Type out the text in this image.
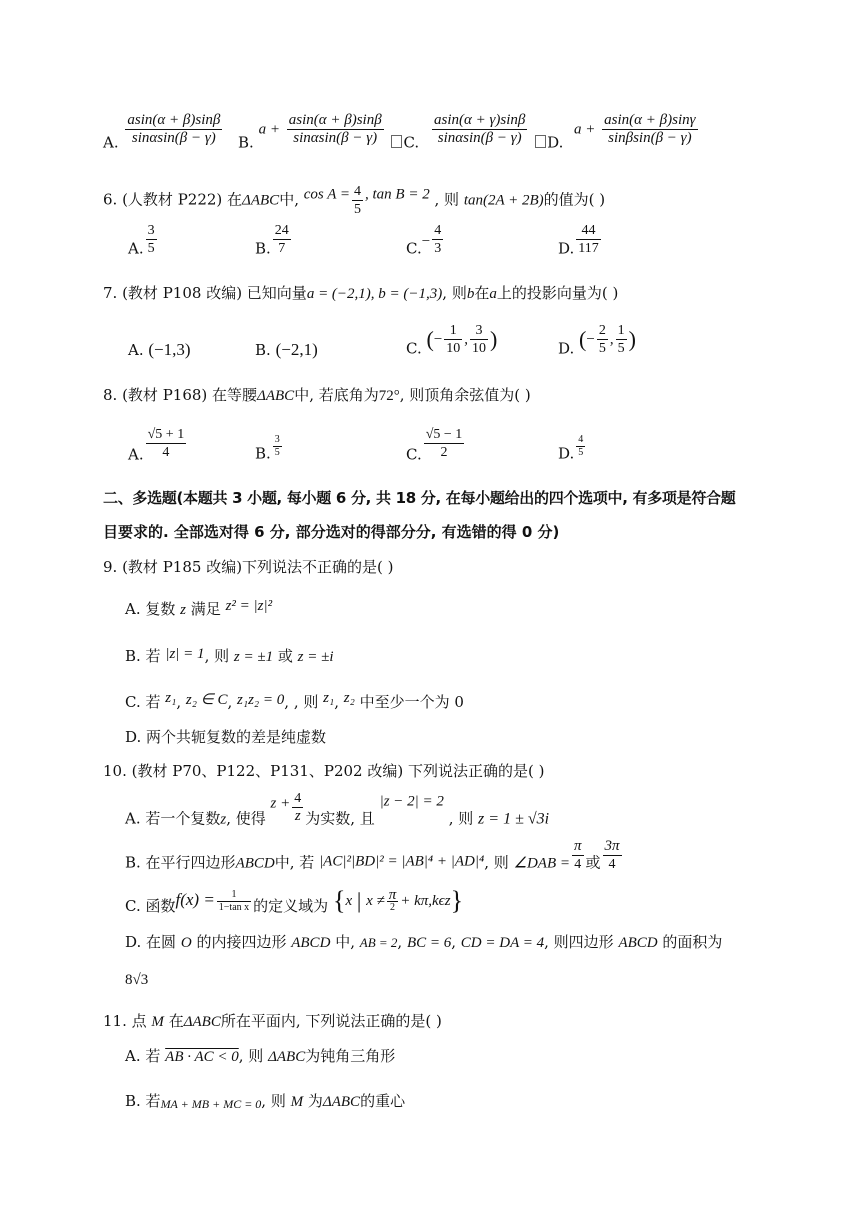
A. $\frac{asin(\alpha + \beta)\sin\beta}{\sin\alpha\sin(\beta - \gamma)} B$. $a + \frac{asin(\alpha + \beta)\sin\beta}{\sin\alpha\sin(\beta - \gamma)} C$. $\frac{asin(\alpha + \gamma)\sin\beta}{\sin\alpha\sin(\beta - \gamma)} D$.
$a + \frac{asin(\alpha + \beta)\sin\gamma}{\sin\beta\sin(\beta - \gamma)}$
6. (人教材 P222) 在ΔABC中, $\cos A = \frac{4}{5}$ , tan B = 2 , 则 tan(2A + 2B)的值为( )
A. $\frac{3}{5}$	B. $\frac{24}{7}$	$C.- \frac{4}{3}$	D. $\frac{44}{117}$
7. (教材 P108 改编) 已知向量a = (−2,1), b = (−1,3), 则b在a上的投影向量为( )
A. (−1,3)	B. (−2,1)	C. (− $\frac{1}{10}$ , $\frac{3}{10}$ )	D. (− $\frac{2}{5}$ , $\frac{1}{5}$ )
8. (教材 P168) 在等腰ΔABC中, 若底角为72°, 则顶角余弦值为( )
A. $\frac{√5 + 1}{4}$	B. $\frac{3}{5}$	C. $\frac{√5 - 1}{2}$	D. $\frac{4}{5}$
二、多选题(本题共 3 小题, 每小题 6 分, 共 18 分, 在每小题给出的四个选项中, 有多项是符合题
目要求的. 全部选对得 6 分, 部分选对的得部分分, 有选错的得 0 分)
9. (教材 P185 改编)下列说法不正确的是( )
A. 复数 z 满足 z² = |z|²
B. 若 |z| = 1, 则 z = ±1 或 z = ±i
C. 若 z₁, z₂ ∈ C, z₁z₂ = 0, , 则 z₁, z₂ 中至少一个为 0
D. 两个共轭复数的差是纯虚数
10. (教材 P70、P122、P131、P202 改编) 下列说法正确的是( )
A. 若一个复数z, 使得 $z + \frac{4}{z}$ 为实数, 且 |z − 2| = 2 , 则 z = 1 ± √3i
B. 在平行四边形ABCD中, 若 |AC|²|BD|² = |AB|⁴ + |AD|⁴, 则 ∠DAB = $\frac{\pi}{4}$ 或 $\frac{3\pi}{4}$
C. 函数$f(x) = \frac{1}{\text{1−tan x}}$ 的定义域为 {x | $x \ne \frac{\pi}{2} + k\pi,k\epsilon z$}
D. 在圆 O 的内接四边形 ABCD 中, AB = 2, BC = 6, CD = DA = 4, 则四边形 ABCD 的面积为
8√3
11. 点 M 在ΔABC所在平面内, 下列说法正确的是( )
A. 若 AB · AC < 0, 则 ΔABC为钝角三角形
B. 若MA + MB + MC = 0, 则 M 为ΔABC的重心
